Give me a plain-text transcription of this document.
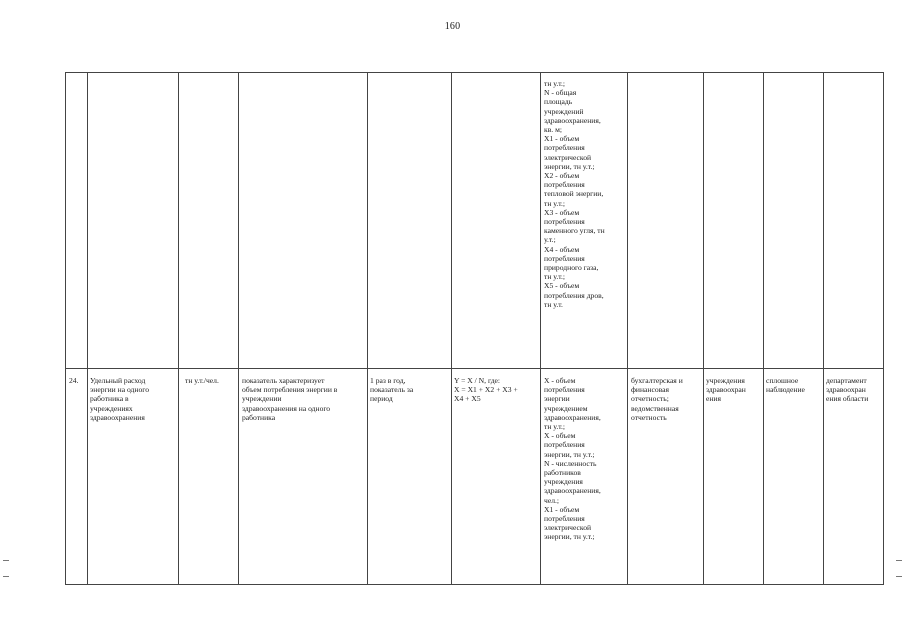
160
тн у.т.;
N - общая
площадь
учреждений
здравоохранения,
кв. м;
X1 - объем
потребления
электрической
энергии, тн у.т.;
X2 - объем
потребления
тепловой энергии,
тн у.т.;
X3 - объем
потребления
каменного угля, тн
у.т.;
X4 - объем
потребления
природного газа,
тн у.т.;
X5 - объем
потребления дров,
тн у.т.
24.	Удельный расход
энергии на одного
работника в
учреждениях
здравоохранения
тн у.т./чел.	показатель характеризует
объем потребления энергии в
учреждении
здравоохранения на одного
работника
1 раз в год,
показатель за
период
Y = X / N, где:
X = X1 + X2 + X3 +
X4 + X5
X - объем
потребления
энергии
учреждением
здравоохранения,
тн у.т.;
X - объем
потребления
энергии, тн у.т.;
N - численность
работников
учреждения
здравоохранения,
чел.;
X1 - объем
потребления
электрической
энергии, тн у.т.;
бухгалтерская и
финансовая
отчетность;
ведомственная
отчетность
учреждения
здравоохран
ения
сплошное
наблюдение
департамент
здравоохран
ения области
